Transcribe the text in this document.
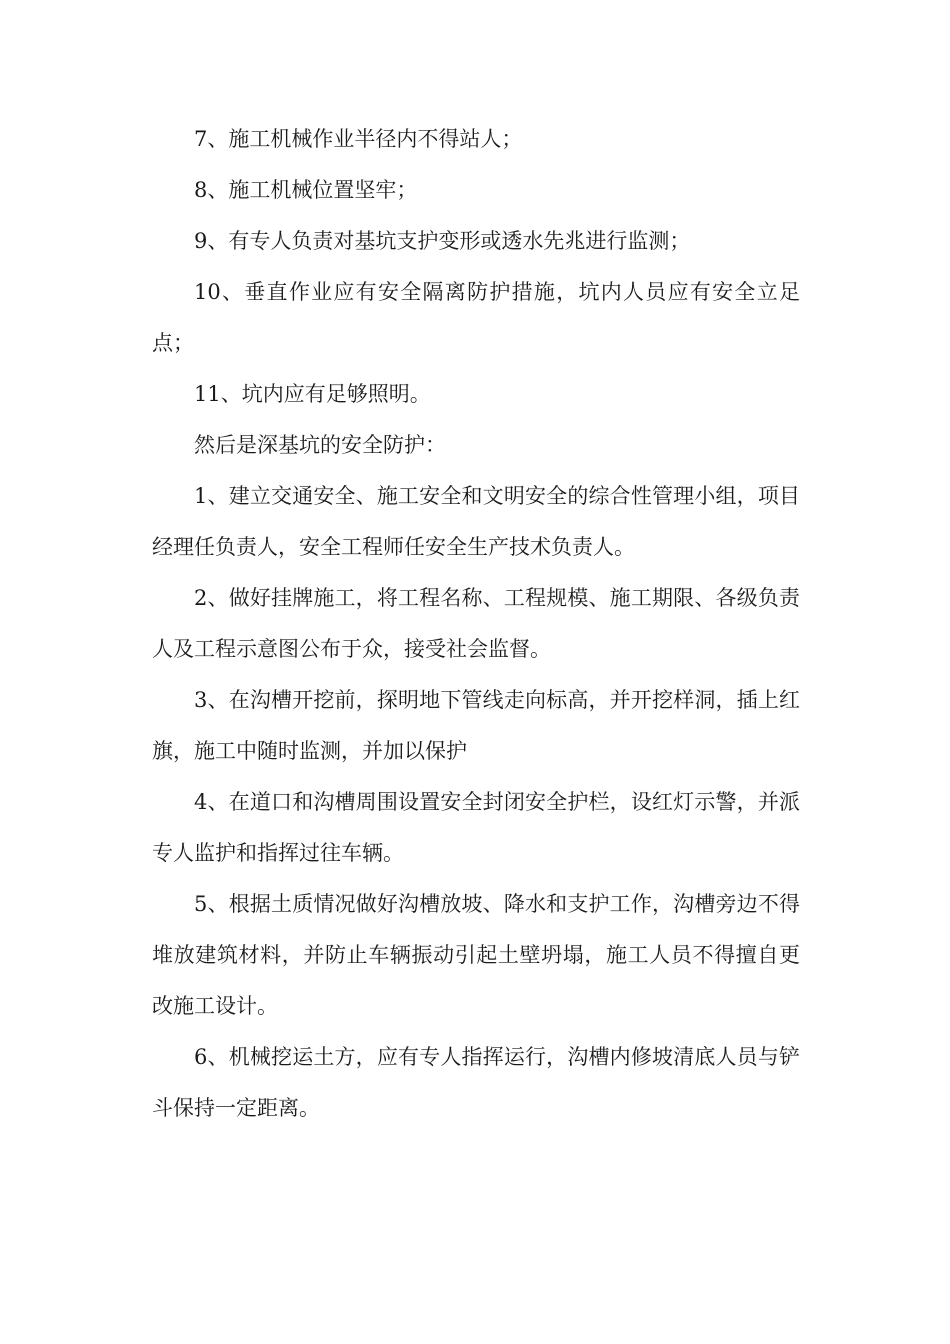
7、施工机械作业半径内不得站人；

8、施工机械位置坚牢；

9、有专人负责对基坑支护变形或透水先兆进行监测；

10、垂直作业应有安全隔离防护措施，坑内人员应有安全立足点；

11、坑内应有足够照明。

然后是深基坑的安全防护：

1、建立交通安全、施工安全和文明安全的综合性管理小组，项目经理任负责人，安全工程师任安全生产技术负责人。

2、做好挂牌施工，将工程名称、工程规模、施工期限、各级负责人及工程示意图公布于众，接受社会监督。

3、在沟槽开挖前，探明地下管线走向标高，并开挖样洞，插上红旗，施工中随时监测，并加以保护

4、在道口和沟槽周围设置安全封闭安全护栏，设红灯示警，并派专人监护和指挥过往车辆。

5、根据土质情况做好沟槽放坡、降水和支护工作，沟槽旁边不得堆放建筑材料，并防止车辆振动引起土壁坍塌，施工人员不得擅自更改施工设计。

6、机械挖运土方，应有专人指挥运行，沟槽内修坡清底人员与铲斗保持一定距离。
